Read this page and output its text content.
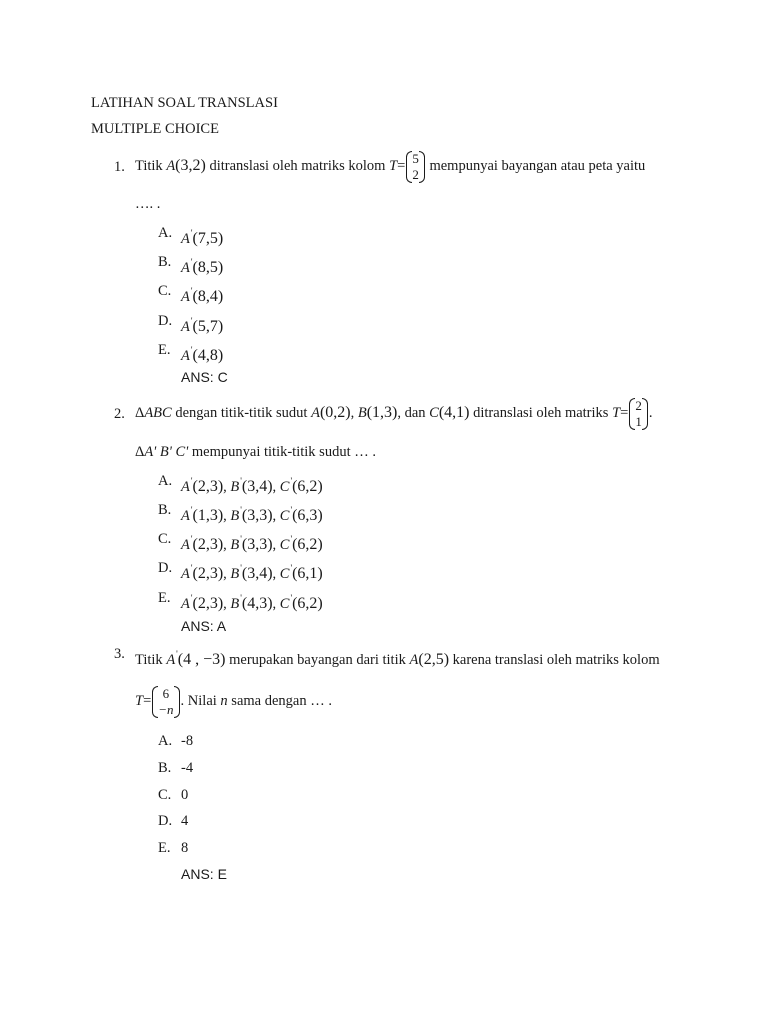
LATIHAN SOAL TRANSLASI
MULTIPLE CHOICE
1. Titik A(3,2) ditranslasi oleh matriks kolom T= 5
2
mempunyai bayangan atau peta yaitu
…. .
A. A'(7,5)
B. A'(8,5)
C. A'(8,4)
D. A'(5,7)
E. A'(4,8)
ANS: C
2. ΔABC dengan titik-titik sudut A(0,2), B(1,3), dan C(4,1) ditranslasi oleh matriks T= 2
1
.
ΔA' B' C' mempunyai titik-titik sudut … .
A. A'(2,3), B'(3,4), C'(6,2)
B. A'(1,3), B'(3,3), C'(6,3)
C. A'(2,3), B'(3,3), C'(6,2)
D. A'(2,3), B'(3,4), C'(6,1)
E. A'(2,3), B'(4,3), C'(6,2)
ANS: A
3. Titik A'(4 , −3) merupakan bayangan dari titik A(2,5) karena translasi oleh matriks kolom
T= 6
−n
. Nilai n sama dengan … .
A. -8
B. -4
C. 0
D. 4
E. 8
ANS: E
